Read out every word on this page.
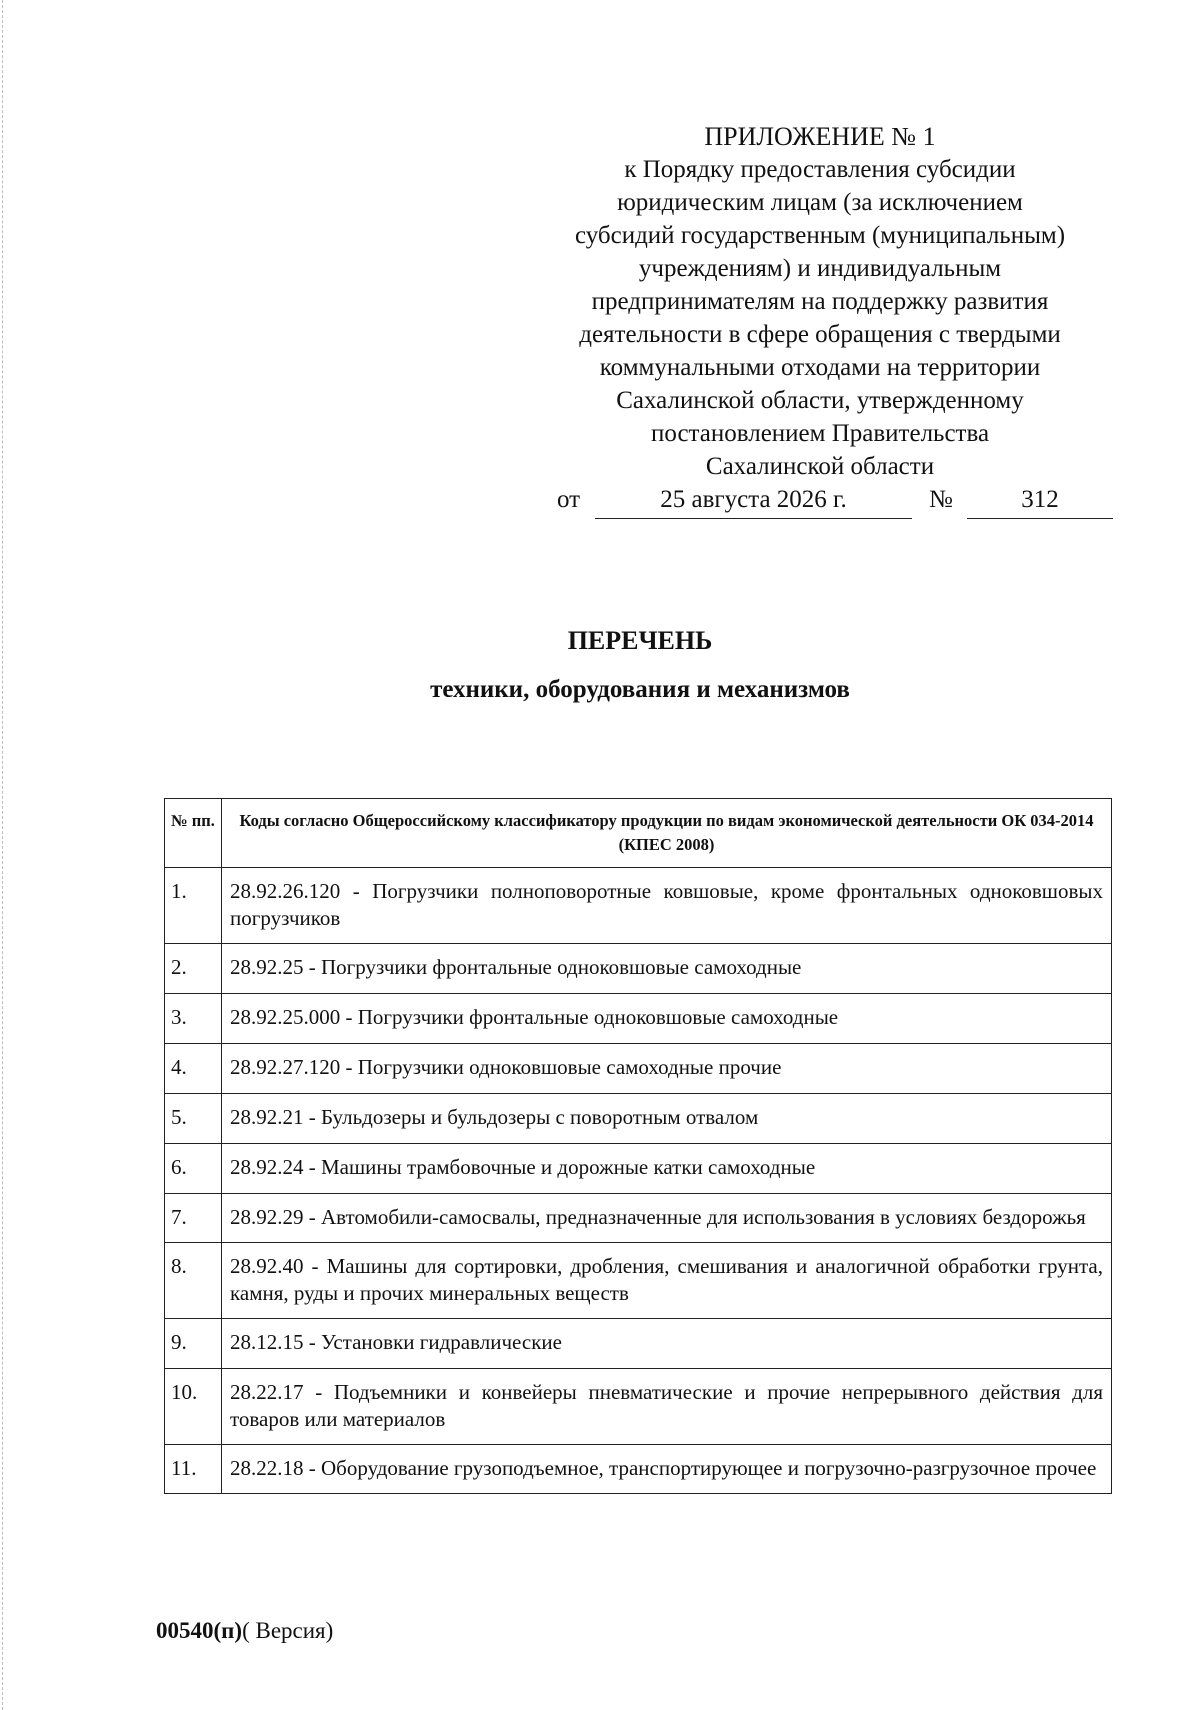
ПРИЛОЖЕНИЕ № 1
к Порядку предоставления субсидии
юридическим лицам (за исключением
субсидий государственным (муниципальным)
учреждениям) и индивидуальным
предпринимателям на поддержку развития
деятельности в сфере обращения с твердыми
коммунальными отходами на территории
Сахалинской области, утвержденному
постановлением Правительства
Сахалинской области
от	25 августа 2026 г.	№	312
ПЕРЕЧЕНЬ
техники, оборудования и механизмов
№ пп.	Коды согласно Общероссийскому классификатору продукции по видам экономической деятельности ОК 034-2014 (КПЕС 2008)
1.	28.92.26.120 - Погрузчики полноповоротные ковшовые, кроме фронтальных одноковшовых погрузчиков
2.	28.92.25 - Погрузчики фронтальные одноковшовые самоходные
3.	28.92.25.000 - Погрузчики фронтальные одноковшовые самоходные
4.	28.92.27.120 - Погрузчики одноковшовые самоходные прочие
5.	28.92.21 - Бульдозеры и бульдозеры с поворотным отвалом
6.	28.92.24 - Машины трамбовочные и дорожные катки самоходные
7.	28.92.29 - Автомобили-самосвалы, предназначенные для использования в условиях бездорожья
8.	28.92.40 - Машины для сортировки, дробления, смешивания и аналогичной обработки грунта, камня, руды и прочих минеральных веществ
9.	28.12.15 - Установки гидравлические
10.	28.22.17 - Подъемники и конвейеры пневматические и прочие непрерывного действия для товаров или материалов
11.	28.22.18 - Оборудование грузоподъемное, транспортирующее и погрузочно-разгрузочное прочее
00540(п)( Версия)
